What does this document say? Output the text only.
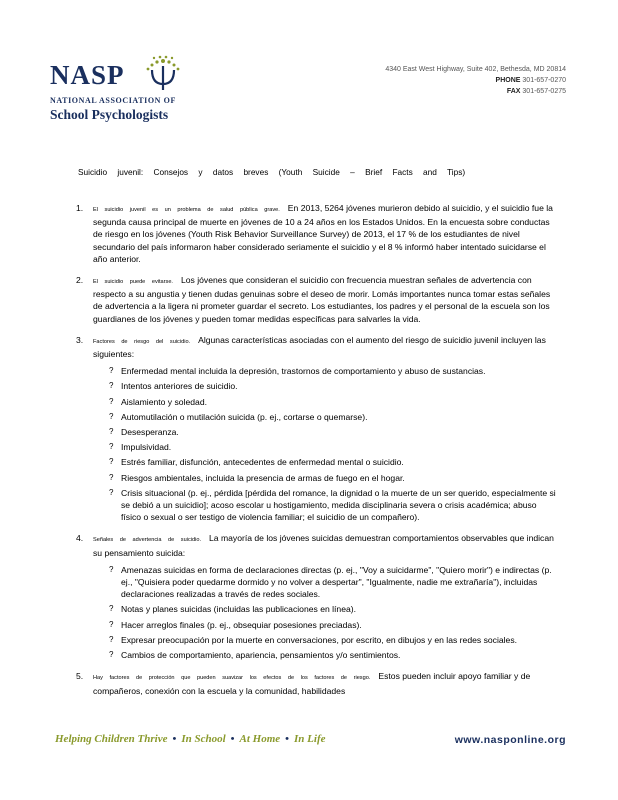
NASP
NATIONAL ASSOCIATION OF
School Psychologists
4340 East West Highway, Suite 402, Bethesda, MD 20814
PHONE 301-657-0270
FAX 301-657-0275
Suicidio juvenil: Consejos y datos breves (Youth Suicide – Brief Facts and Tips)
1. El suicidio juvenil es un problema de salud pública grave. En 2013, 5264 jóvenes murieron debido al suicidio, y el suicidio fue la segunda causa principal de muerte en jóvenes de 10 a 24 años en los Estados Unidos. En la encuesta sobre conductas de riesgo en los jóvenes (Youth Risk Behavior Surveillance Survey) de 2013, el 17 % de los estudiantes de nivel secundario del país informaron haber considerado seriamente el suicidio y el 8 % informó haber intentado suicidarse el año anterior.
2. El suicidio puede evitarse. Los jóvenes que consideran el suicidio con frecuencia muestran señales de advertencia con respecto a su angustia y tienen dudas genuinas sobre el deseo de morir. Lomás importantes nunca tomar estas señales de advertencia a la ligera ni prometer guardar el secreto. Los estudiantes, los padres y el personal de la escuela son los guardianes de los jóvenes y pueden tomar medidas específicas para salvarles la vida.
3. Factores de riesgo del suicidio. Algunas características asociadas con el aumento del riesgo de suicidio juvenil incluyen las siguientes:
? Enfermedad mental incluida la depresión, trastornos de comportamiento y abuso de sustancias.
? Intentos anteriores de suicidio.
? Aislamiento y soledad.
? Automutilación o mutilación suicida (p. ej., cortarse o quemarse).
? Desesperanza.
? Impulsividad.
? Estrés familiar, disfunción, antecedentes de enfermedad mental o suicidio.
? Riesgos ambientales, incluida la presencia de armas de fuego en el hogar.
? Crisis situacional (p. ej., pérdida [pérdida del romance, la dignidad o la muerte de un ser querido, especialmente si se debió a un suicidio]; acoso escolar u hostigamiento, medida disciplinaria severa o crisis académica; abuso físico o sexual o ser testigo de violencia familiar; el suicidio de un compañero).
4. Señales de advertencia de suicidio. La mayoría de los jóvenes suicidas demuestran comportamientos observables que indican su pensamiento suicida:
? Amenazas suicidas en forma de declaraciones directas (p. ej., "Voy a suicidarme", "Quiero morir") e indirectas (p. ej., "Quisiera poder quedarme dormido y no volver a despertar", "Igualmente, nadie me extrañaría"), incluidas declaraciones realizadas a través de redes sociales.
? Notas y planes suicidas (incluidas las publicaciones en línea).
? Hacer arreglos finales (p. ej., obsequiar posesiones preciadas).
? Expresar preocupación por la muerte en conversaciones, por escrito, en dibujos y en las redes sociales.
? Cambios de comportamiento, apariencia, pensamientos y/o sentimientos.
5. Hay factores de protección que pueden suavizar los efectos de los factores de riesgo. Estos pueden incluir apoyo familiar y de compañeros, conexión con la escuela y la comunidad, habilidades
Helping Children Thrive • In School • At Home • In Life	www.nasponline.org
